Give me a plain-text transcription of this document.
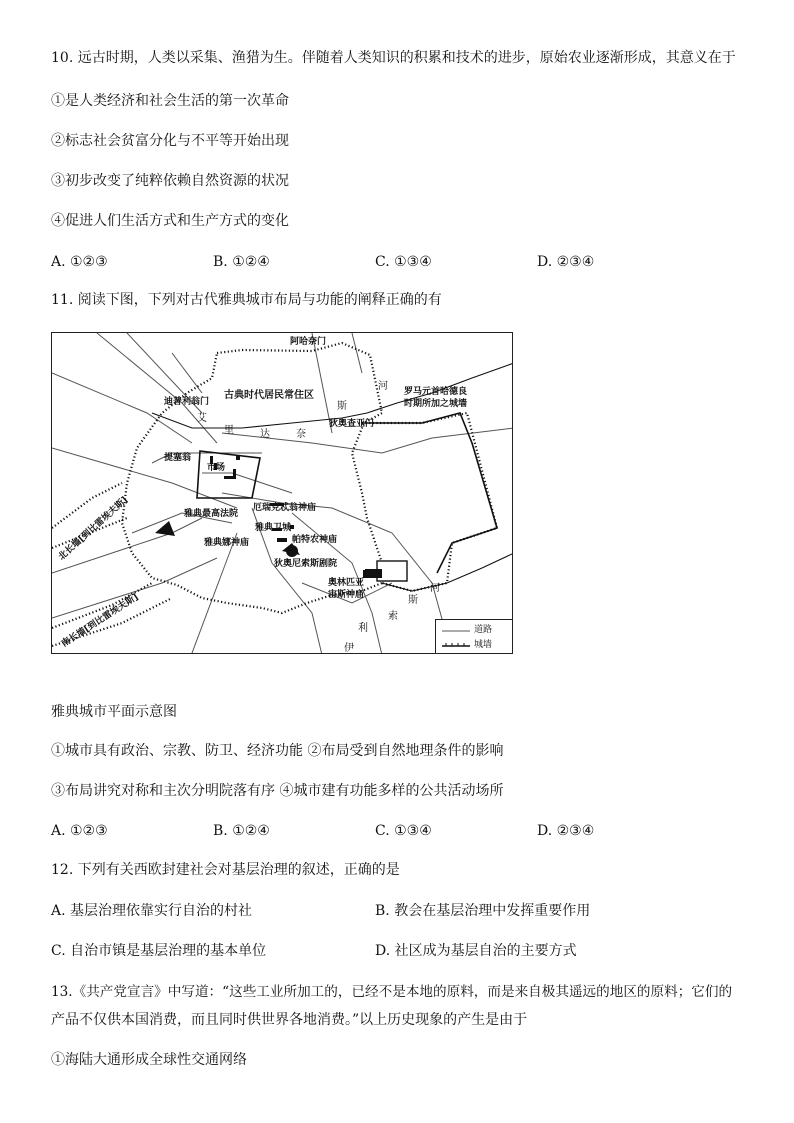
10. 远古时期，人类以采集、渔猎为生。伴随着人类知识的积累和技术的进步，原始农业逐渐形成，其意义在于
①是人类经济和社会生活的第一次革命
②标志社会贫富分化与不平等开始出现
③初步改变了纯粹依赖自然资源的状况
④促进人们生活方式和生产方式的变化
A. ①②③	B. ①②④	C. ①③④	D. ②③④
11. 阅读下图，下列对古代雅典城市布局与功能的阐释正确的有
道路
城墙
阿哈奈门
古典时代居民常住区
河
斯
罗马元首哈德良
时期所加之城墙
迪普利翁门
艾
里	达	奈
狄奥查亚门
提塞翁
市场
北长墙[到比雷埃夫斯]	雅典最高法院
厄瑞克忒翁神庙
雅典卫城
帕特农神庙
雅典娜神庙
狄奥尼索斯剧院
奥林匹亚
宙斯神庙
南长墙[到比雷埃夫斯]
河
斯
索
利
伊
雅典城市平面示意图
①城市具有政治、宗教、防卫、经济功能 ②布局受到自然地理条件的影响
③布局讲究对称和主次分明院落有序 ④城市建有功能多样的公共活动场所
A. ①②③	B. ①②④	C. ①③④	D. ②③④
12. 下列有关西欧封建社会对基层治理的叙述，正确的是
A. 基层治理依靠实行自治的村社	B. 教会在基层治理中发挥重要作用
C. 自治市镇是基层治理的基本单位	D. 社区成为基层自治的主要方式
13.《共产党宣言》中写道：“这些工业所加工的，已经不是本地的原料，而是来自极其遥远的地区的原料；它们的
产品不仅供本国消费，而且同时供世界各地消费。”以上历史现象的产生是由于
①海陆大通形成全球性交通网络
